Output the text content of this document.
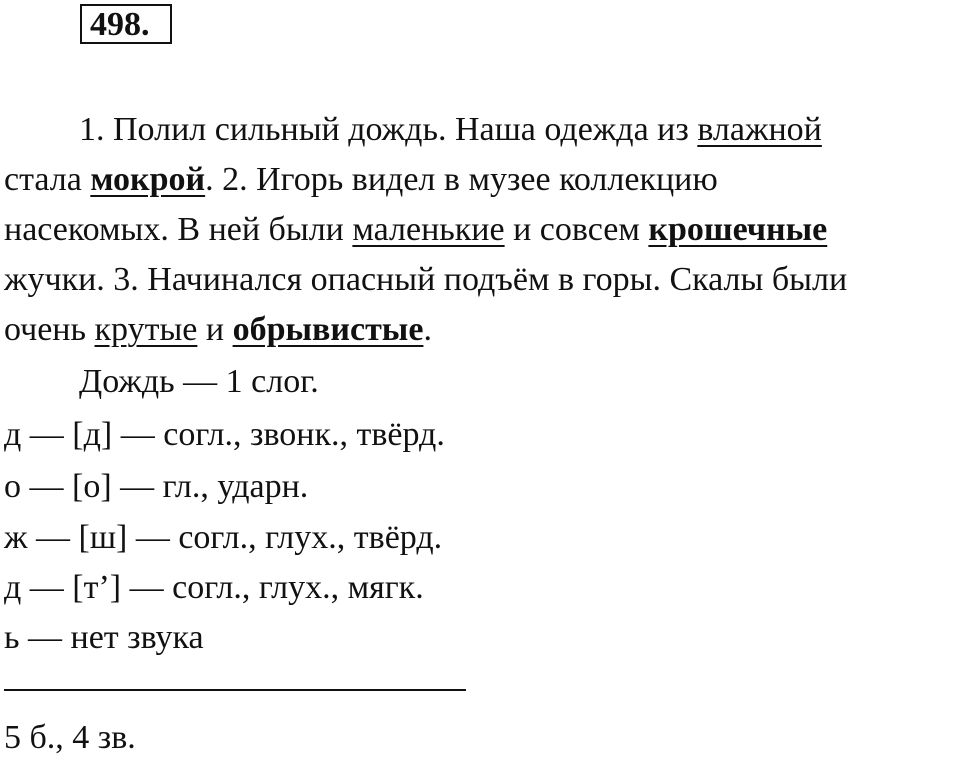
498.
1. Полил сильный дождь. Наша одежда из влажной
стала мокрой. 2. Игорь видел в музее коллекцию
насекомых. В ней были маленькие и совсем крошечные
жучки. 3. Начинался опасный подъём в горы. Скалы были
очень крутые и обрывистые.
Дождь — 1 слог.
д — [д] — согл., звонк., твёрд.
о — [о] — гл., ударн.
ж — [ш] — согл., глух., твёрд.
д — [т’] — согл., глух., мягк.
ь — нет звука
5 б., 4 зв.
